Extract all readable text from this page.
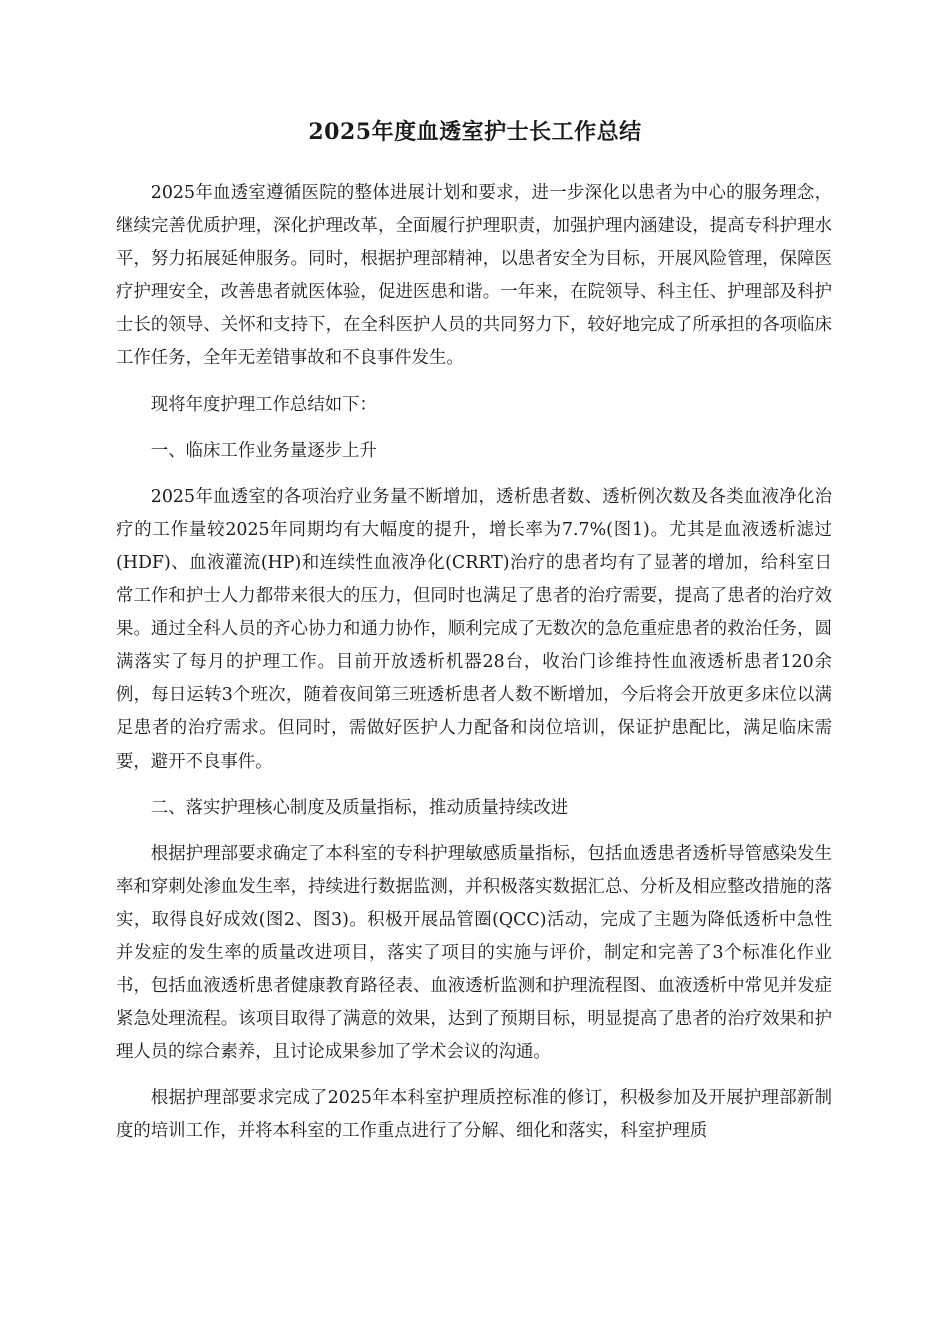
2025年度血透室护士长工作总结

2025年血透室遵循医院的整体进展计划和要求，进一步深化以患者为中心的服务理念，继续完善优质护理，深化护理改革，全面履行护理职责，加强护理内涵建设，提高专科护理水平，努力拓展延伸服务。同时，根据护理部精神，以患者安全为目标，开展风险管理，保障医疗护理安全，改善患者就医体验，促进医患和谐。一年来，在院领导、科主任、护理部及科护士长的领导、关怀和支持下，在全科医护人员的共同努力下，较好地完成了所承担的各项临床工作任务，全年无差错事故和不良事件发生。

现将年度护理工作总结如下：

一、临床工作业务量逐步上升

2025年血透室的各项治疗业务量不断增加，透析患者数、透析例次数及各类血液净化治疗的工作量较2025年同期均有大幅度的提升，增长率为7.7%(图1)。尤其是血液透析滤过(HDF)、血液灌流(HP)和连续性血液净化(CRRT)治疗的患者均有了显著的增加，给科室日常工作和护士人力都带来很大的压力，但同时也满足了患者的治疗需要，提高了患者的治疗效果。通过全科人员的齐心协力和通力协作，顺利完成了无数次的急危重症患者的救治任务，圆满落实了每月的护理工作。目前开放透析机器28台，收治门诊维持性血液透析患者120余例，每日运转3个班次，随着夜间第三班透析患者人数不断增加，今后将会开放更多床位以满足患者的治疗需求。但同时，需做好医护人力配备和岗位培训，保证护患配比，满足临床需要，避开不良事件。

二、落实护理核心制度及质量指标，推动质量持续改进

根据护理部要求确定了本科室的专科护理敏感质量指标，包括血透患者透析导管感染发生率和穿刺处渗血发生率，持续进行数据监测，并积极落实数据汇总、分析及相应整改措施的落实，取得良好成效(图2、图3)。积极开展品管圈(QCC)活动，完成了主题为降低透析中急性并发症的发生率的质量改进项目，落实了项目的实施与评价，制定和完善了3个标准化作业书，包括血液透析患者健康教育路径表、血液透析监测和护理流程图、血液透析中常见并发症紧急处理流程。该项目取得了满意的效果，达到了预期目标，明显提高了患者的治疗效果和护理人员的综合素养，且讨论成果参加了学术会议的沟通。

根据护理部要求完成了2025年本科室护理质控标准的修订，积极参加及开展护理部新制度的培训工作，并将本科室的工作重点进行了分解、细化和落实，科室护理质
